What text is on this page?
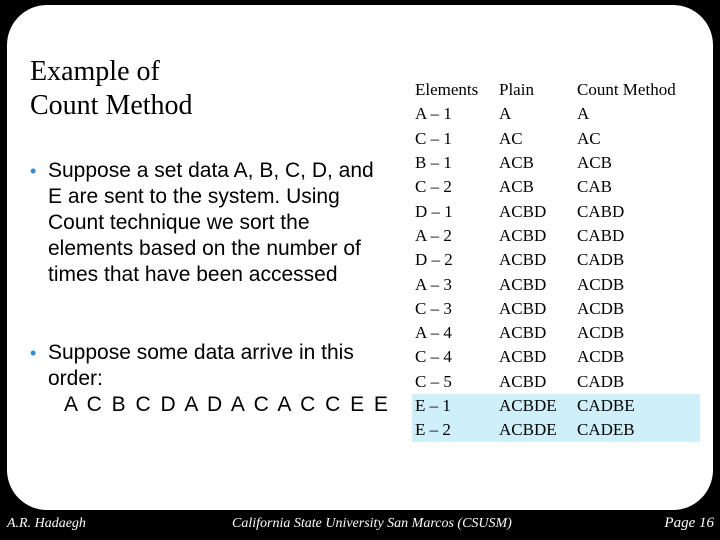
Example of
Count Method
• Suppose a set data A, B, C, D, and E are sent to the system. Using Count technique we sort the elements based on the number of times that have been accessed
• Suppose some data arrive in this order:
A C B C D A D A C A C C E E
Elements	Plain	Count Method
A – 1	A	A
C – 1	AC	AC
B – 1	ACB	ACB
C – 2	ACB	CAB
D – 1	ACBD	CABD
A – 2	ACBD	CABD
D – 2	ACBD	CADB
A – 3	ACBD	ACDB
C – 3	ACBD	ACDB
A – 4	ACBD	ACDB
C – 4	ACBD	ACDB
C – 5	ACBD	CADB
E – 1	ACBDE	CADBE
E – 2	ACBDE	CADEB
A.R. Hadaegh	California State University San Marcos (CSUSM)	Page 16
